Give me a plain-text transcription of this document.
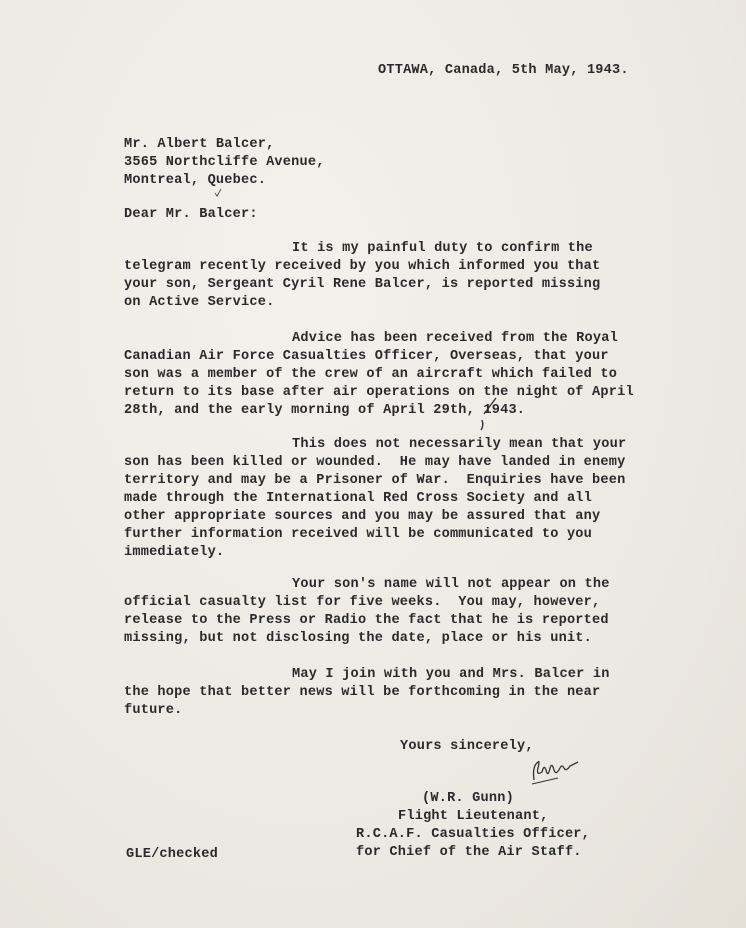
OTTAWA, Canada, 5th May, 1943.
Mr. Albert Balcer,
3565 Northcliffe Avenue,
Montreal, Quebec.
Dear Mr. Balcer:
It is my painful duty to confirm the
telegram recently received by you which informed you that
your son, Sergeant Cyril Rene Balcer, is reported missing
on Active Service.
Advice has been received from the Royal
Canadian Air Force Casualties Officer, Overseas, that your
son was a member of the crew of an aircraft which failed to
return to its base after air operations on the night of April
28th, and the early morning of April 29th, 1943.
This does not necessarily mean that your
son has been killed or wounded.  He may have landed in enemy
territory and may be a Prisoner of War.  Enquiries have been
made through the International Red Cross Society and all
other appropriate sources and you may be assured that any
further information received will be communicated to you
immediately.
Your son's name will not appear on the
official casualty list for five weeks.  You may, however,
release to the Press or Radio the fact that he is reported
missing, but not disclosing the date, place or his unit.
May I join with you and Mrs. Balcer in
the hope that better news will be forthcoming in the near
future.
Yours sincerely,
(W.R. Gunn)
Flight Lieutenant,
R.C.A.F. Casualties Officer,
for Chief of the Air Staff.
GLE/checked
